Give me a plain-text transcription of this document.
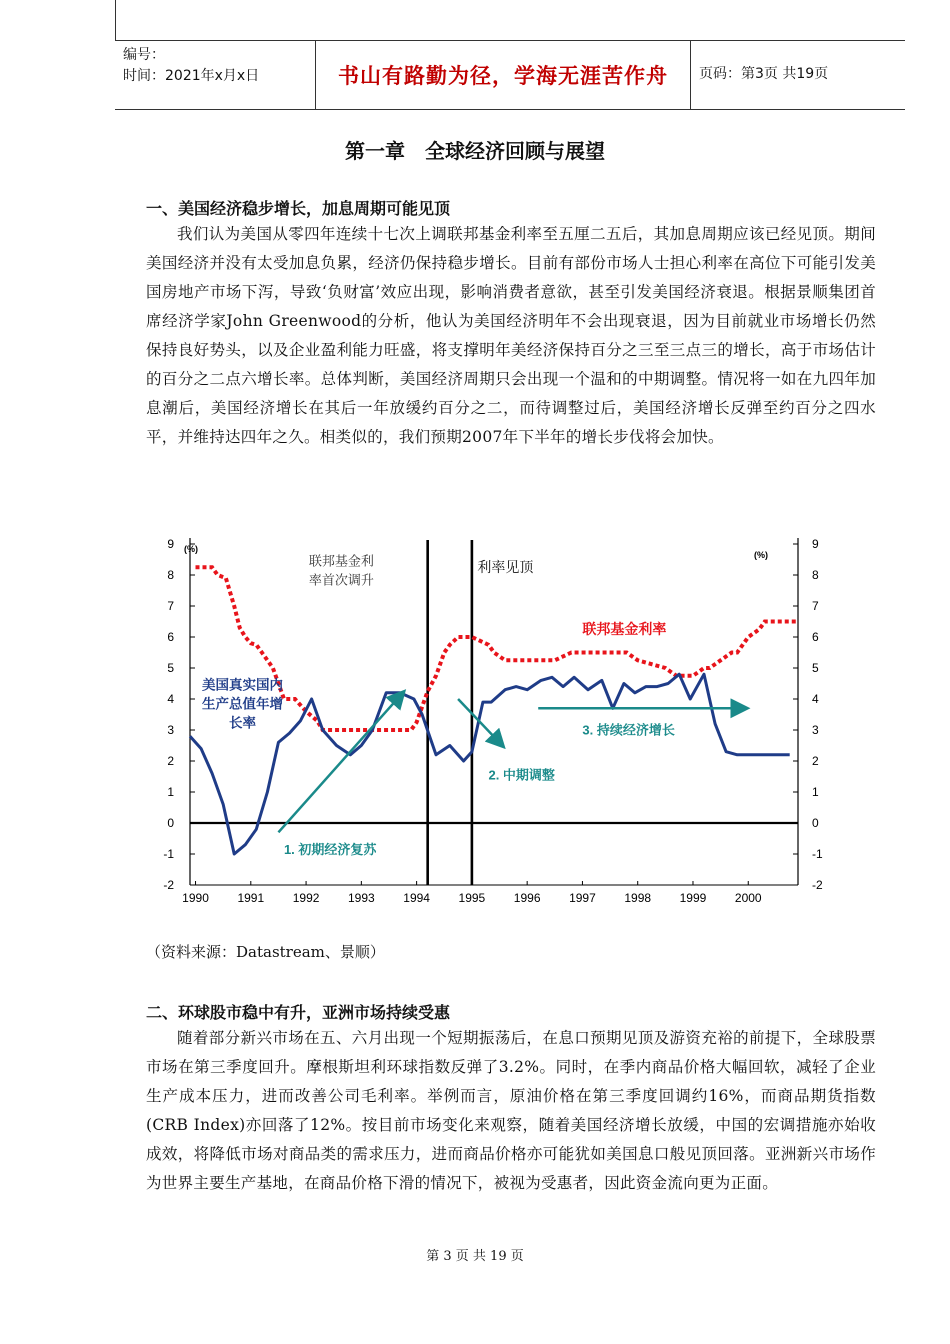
编号：
时间：2021年x月x日	书山有路勤为径，学海无涯苦作舟	页码：第3页 共19页
第一章　全球经济回顾与展望
一、美国经济稳步增长，加息周期可能见顶
我们认为美国从零四年连续十七次上调联邦基金利率至五厘二五后，其加息周期应该已经见顶。期间美国经济并没有太受加息负累，经济仍保持稳步增长。目前有部份市场人士担心利率在高位下可能引发美国房地产市场下泻，导致‘负财富’效应出现，影响消费者意欲，甚至引发美国经济衰退。根据景顺集团首席经济学家John Greenwood的分析，他认为美国经济明年不会出现衰退，因为目前就业市场增长仍然保持良好势头，以及企业盈利能力旺盛，将支撑明年美经济保持百分之三至三点三的增长，高于市场估计的百分之二点六增长率。总体判断，美国经济周期只会出现一个温和的中期调整。情况将一如在九四年加息潮后，美国经济增长在其后一年放缓约百分之二，而待调整过后，美国经济增长反弹至约百分之四水平，并维持达四年之久。相类似的，我们预期2007年下半年的增长步伐将会加快。
-2	-2
-1	-1
0	0
1	1
2	2
3	3
4	4
5	5
6	6
7	7
8	8
9	9
(%)
(%)
1990 1991 1992 1993 1994 1995 1996 1997 1998 1999 2000
联邦基金利
率首次调升
利率见顶
联邦基金利率
美国真实国内
生产总值年增
长率
1. 初期经济复苏
2. 中期调整
3. 持续经济增长
（资料来源：Datastream、景顺）
二、环球股市稳中有升，亚洲市场持续受惠
随着部分新兴市场在五、六月出现一个短期振荡后，在息口预期见顶及游资充裕的前提下，全球股票市场在第三季度回升。摩根斯坦利环球指数反弹了3.2%。同时，在季内商品价格大幅回软，减轻了企业生产成本压力，进而改善公司毛利率。举例而言，原油价格在第三季度回调约16%，而商品期货指数(CRB Index)亦回落了12%。按目前市场变化来观察，随着美国经济增长放缓，中国的宏调措施亦始收成效，将降低市场对商品类的需求压力，进而商品价格亦可能犹如美国息口般见顶回落。亚洲新兴市场作为世界主要生产基地，在商品价格下滑的情况下，被视为受惠者，因此资金流向更为正面。
第 3 页 共 19 页
